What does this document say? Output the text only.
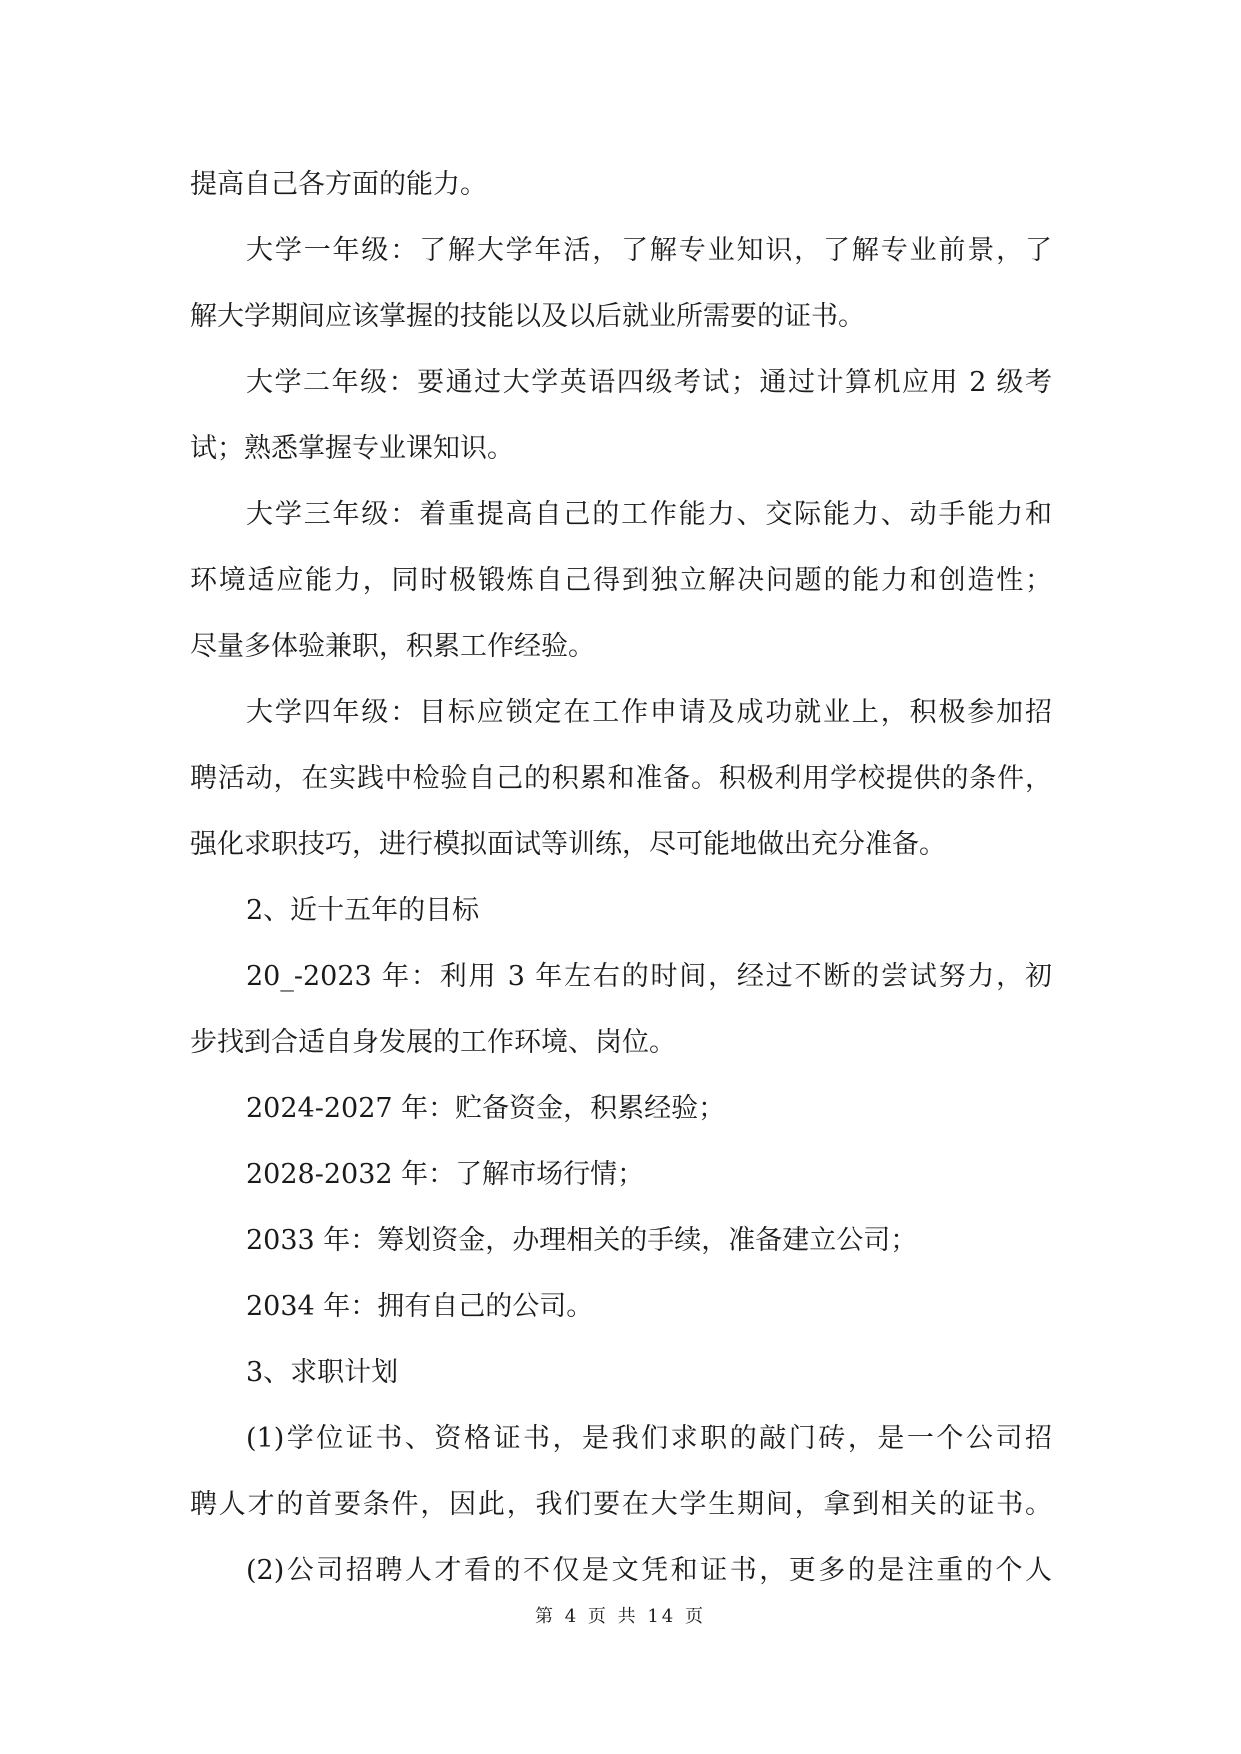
提高自己各方面的能力。
大学一年级：了解大学年活，了解专业知识，了解专业前景，了
解大学期间应该掌握的技能以及以后就业所需要的证书。
大学二年级：要通过大学英语四级考试；通过计算机应用 2 级考
试；熟悉掌握专业课知识。
大学三年级：着重提高自己的工作能力、交际能力、动手能力和
环境适应能力，同时极锻炼自己得到独立解决问题的能力和创造性；
尽量多体验兼职，积累工作经验。
大学四年级：目标应锁定在工作申请及成功就业上，积极参加招
聘活动，在实践中检验自己的积累和准备。积极利用学校提供的条件，
强化求职技巧，进行模拟面试等训练，尽可能地做出充分准备。
2、近十五年的目标
20_-2023 年：利用 3 年左右的时间，经过不断的尝试努力，初
步找到合适自身发展的工作环境、岗位。
2024-2027 年：贮备资金，积累经验；
2028-2032 年：了解市场行情；
2033 年：筹划资金，办理相关的手续，准备建立公司；
2034 年：拥有自己的公司。
3、求职计划
(1)学位证书、资格证书，是我们求职的敲门砖，是一个公司招
聘人才的首要条件，因此，我们要在大学生期间，拿到相关的证书。
(2)公司招聘人才看的不仅是文凭和证书，更多的是注重的个人
第 4 页 共 14 页
